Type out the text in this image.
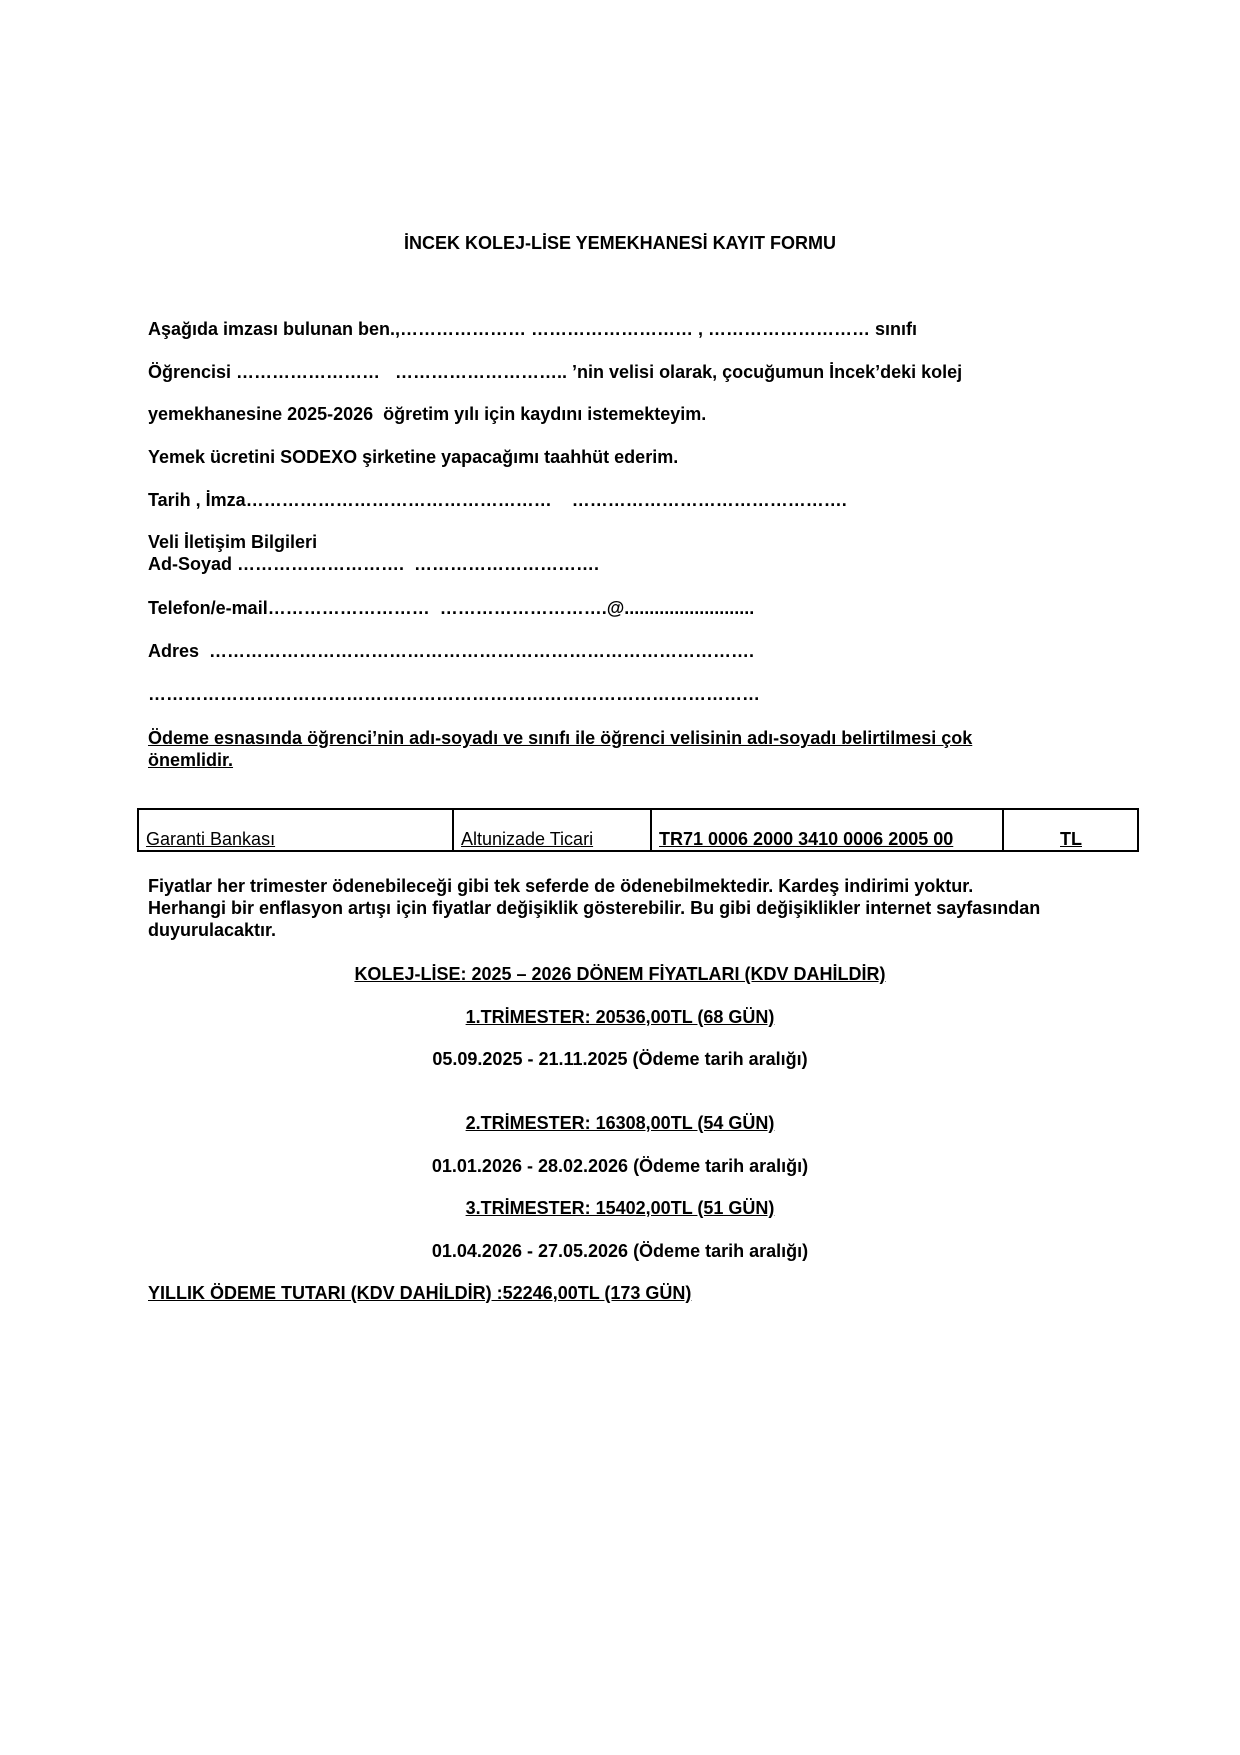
İNCEK KOLEJ-LİSE YEMEKHANESİ KAYIT FORMU
Aşağıda imzası bulunan ben.,………………… ……………………… , ……………………… sınıfı
Öğrencisi ……………………   ……………………….. ’nin velisi olarak, çocuğumun İncek’deki kolej
yemekhanesine 2025-2026  öğretim yılı için kaydını istemekteyim.
Yemek ücretini SODEXO şirketine yapacağımı taahhüt ederim.
Tarih , İmza……………………………………………    ……………………………………….
Veli İletişim Bilgileri
Ad-Soyad ……………………….  ………………………….
Telefon/e-mail………………………  ……………………….@..........................
Adres  ……………………………………………………………………………….
…………………………………………………………………………………………
Ödeme esnasında öğrenci’nin adı-soyadı ve sınıfı ile öğrenci velisinin adı-soyadı belirtilmesi çok
önemlidir.
Garanti Bankası	Altunizade Ticari	TR71 0006 2000 3410 0006 2005 00	TL
Fiyatlar her trimester ödenebileceği gibi tek seferde de ödenebilmektedir. Kardeş indirimi yoktur.
Herhangi bir enflasyon artışı için fiyatlar değişiklik gösterebilir. Bu gibi değişiklikler internet sayfasından
duyurulacaktır.
KOLEJ-LİSE: 2025 – 2026 DÖNEM FİYATLARI (KDV DAHİLDİR)
1.TRİMESTER: 20536,00TL (68 GÜN)
05.09.2025 - 21.11.2025 (Ödeme tarih aralığı)
2.TRİMESTER: 16308,00TL (54 GÜN)
01.01.2026 - 28.02.2026 (Ödeme tarih aralığı)
3.TRİMESTER: 15402,00TL (51 GÜN)
01.04.2026 - 27.05.2026 (Ödeme tarih aralığı)
YILLIK ÖDEME TUTARI (KDV DAHİLDİR) :52246,00TL (173 GÜN)
